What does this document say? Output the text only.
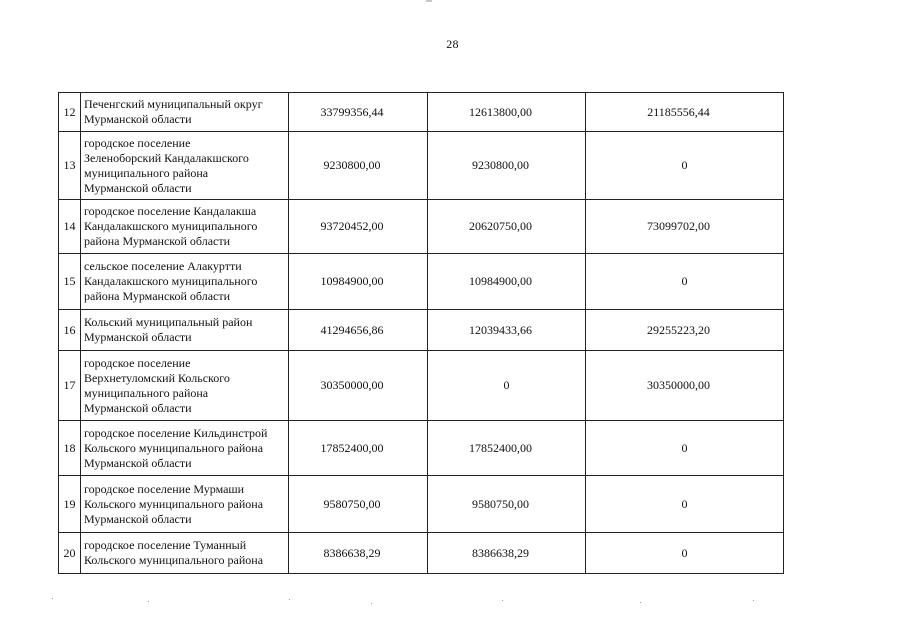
28
12	Печенгский муниципальный округ
Мурманской области	33799356,44	12613800,00	21185556,44
13	городское поселение
Зеленоборский Кандалакшского
муниципального района
Мурманской области	9230800,00	9230800,00	0
14	городское поселение Кандалакша
Кандалакшского муниципального
района Мурманской области	93720452,00	20620750,00	73099702,00
15	сельское поселение Алакуртти
Кандалакшского муниципального
района Мурманской области	10984900,00	10984900,00	0
16	Кольский муниципальный район
Мурманской области	41294656,86	12039433,66	29255223,20
17	городское поселение
Верхнетуломский Кольского
муниципального района
Мурманской области	30350000,00	0	30350000,00
18	городское поселение Кильдинстрой
Кольского муниципального района
Мурманской области	17852400,00	17852400,00	0
19	городское поселение Мурмаши
Кольского муниципального района
Мурманской области	9580750,00	9580750,00	0
20	городское поселение Туманный
Кольского муниципального района	8386638,29	8386638,29	0
